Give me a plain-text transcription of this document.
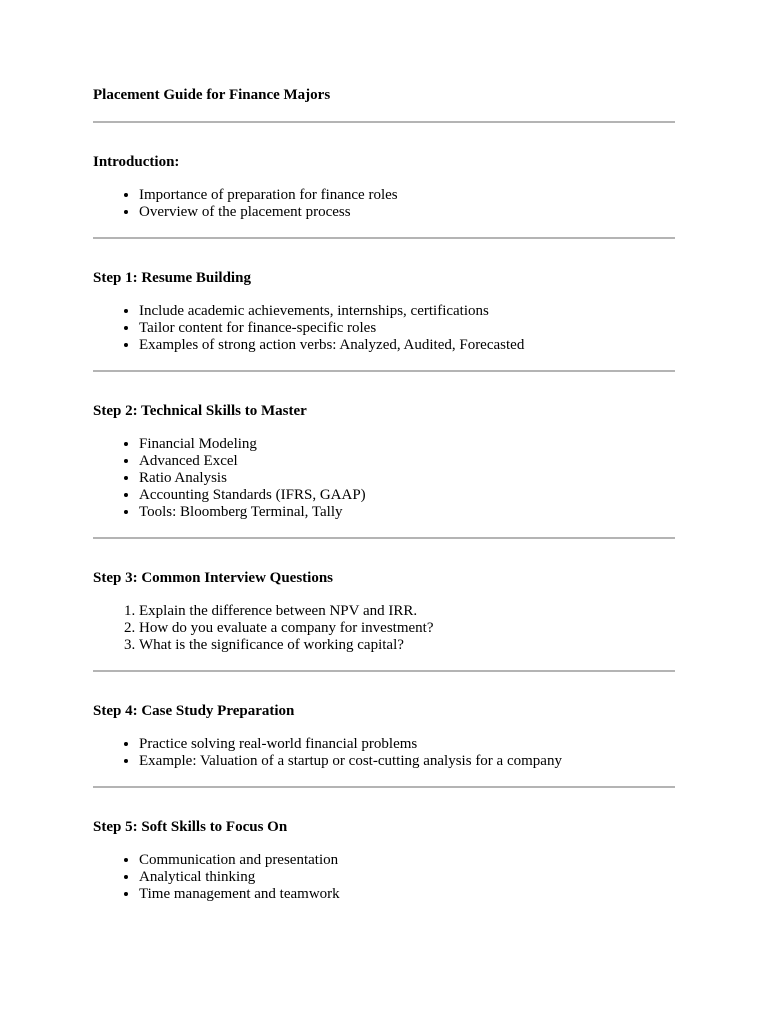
Placement Guide for Finance Majors

Introduction:

• Importance of preparation for finance roles
• Overview of the placement process

Step 1: Resume Building

• Include academic achievements, internships, certifications
• Tailor content for finance-specific roles
• Examples of strong action verbs: Analyzed, Audited, Forecasted

Step 2: Technical Skills to Master

• Financial Modeling
• Advanced Excel
• Ratio Analysis
• Accounting Standards (IFRS, GAAP)
• Tools: Bloomberg Terminal, Tally

Step 3: Common Interview Questions

1. Explain the difference between NPV and IRR.
2. How do you evaluate a company for investment?
3. What is the significance of working capital?

Step 4: Case Study Preparation

• Practice solving real-world financial problems
• Example: Valuation of a startup or cost-cutting analysis for a company

Step 5: Soft Skills to Focus On

• Communication and presentation
• Analytical thinking
• Time management and teamwork
